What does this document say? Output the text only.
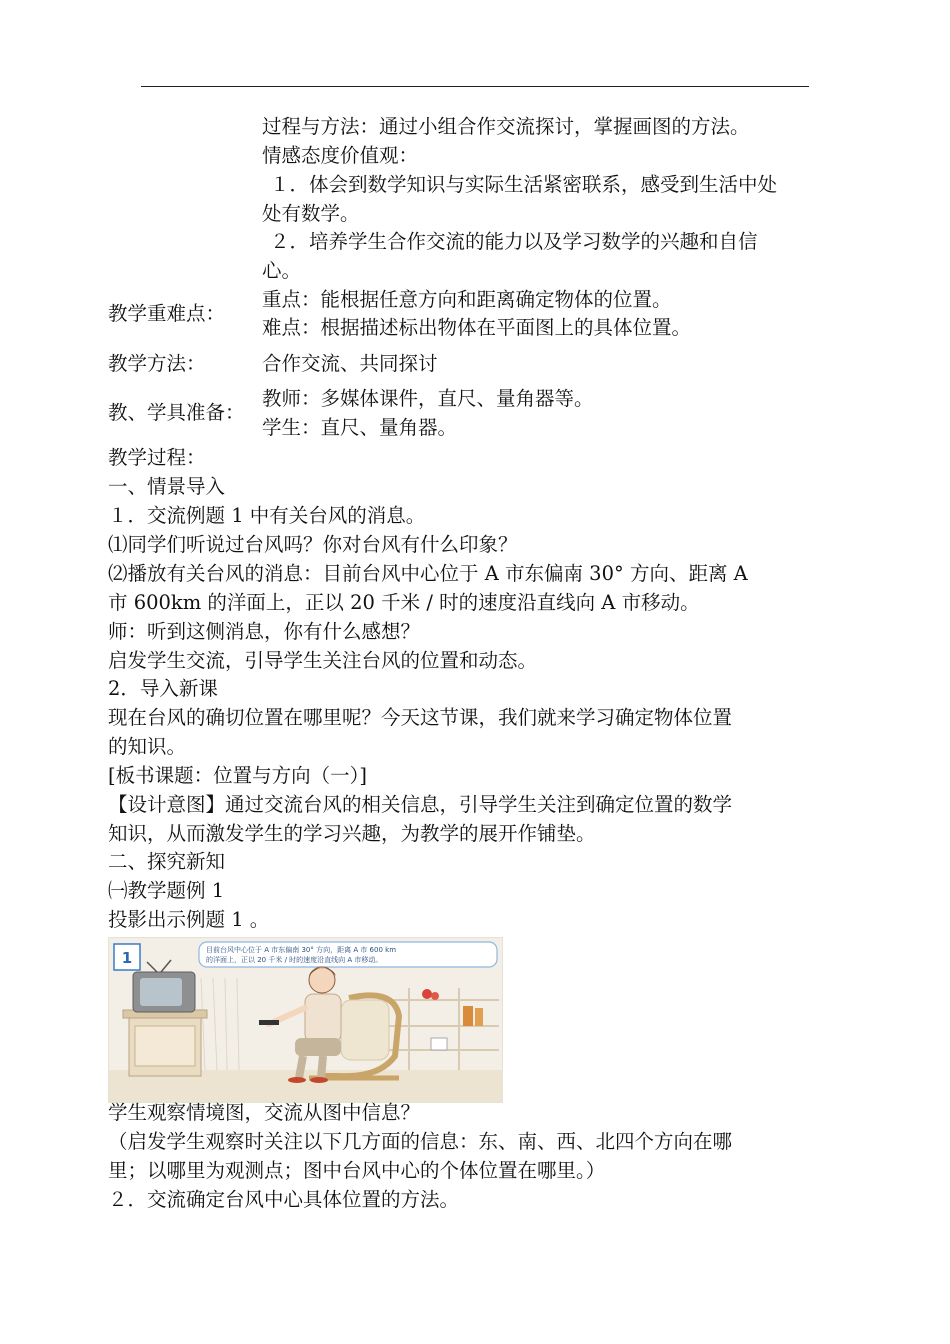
过程与方法：通过小组合作交流探讨，掌握画图的方法。
情感态度价值观：
１．体会到数学知识与实际生活紧密联系，感受到生活中处
处有数学。
２．培养学生合作交流的能力以及学习数学的兴趣和自信
心。
教学重难点：
重点：能根据任意方向和距离确定物体的位置。
难点：根据描述标出物体在平面图上的具体位置。
教学方法：	合作交流、共同探讨
教、学具准备：
教师：多媒体课件，直尺、量角器等。
学生：直尺、量角器。
教学过程：
一、情景导入
１．交流例题 1 中有关台风的消息。
⑴同学们听说过台风吗？你对台风有什么印象？
⑵播放有关台风的消息：目前台风中心位于 A 市东偏南 30° 方向、距离 A
市 600km 的洋面上，正以 20 千米 / 时的速度沿直线向 A 市移动。
师：听到这侧消息，你有什么感想？
启发学生交流，引导学生关注台风的位置和动态。
2．导入新课
现在台风的确切位置在哪里呢？今天这节课，我们就来学习确定物体位置
的知识。
[板书课题：位置与方向（一）]
【设计意图】通过交流台风的相关信息，引导学生关注到确定位置的数学
知识，从而激发学生的学习兴趣，为教学的展开作铺垫。
二、探究新知
㈠教学题例 1
投影出示例题 1 。
1	目前台风中心位于 A 市东偏南 30° 方向，距离 A 市 600 km
的洋面上，正以 20 千米 / 时的速度沿直线向 A 市移动。
学生观察情境图，交流从图中信息？
（启发学生观察时关注以下几方面的信息：东、南、西、北四个方向在哪
里；以哪里为观测点；图中台风中心的个体位置在哪里。）
２．交流确定台风中心具体位置的方法。
